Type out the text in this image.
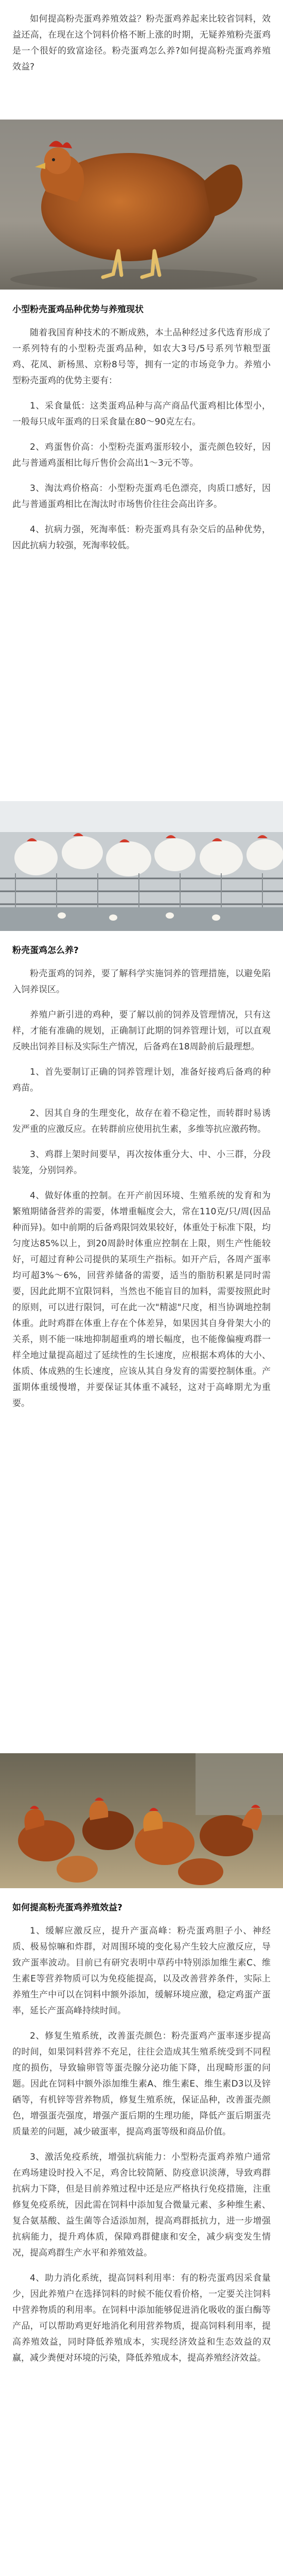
如何提高粉壳蛋鸡养殖效益？粉壳蛋鸡养起来比较省饲料，效益还高，在现在这个饲料价格不断上涨的时期，无疑养殖粉壳蛋鸡是一个很好的致富途径。粉壳蛋鸡怎么养?如何提高粉壳蛋鸡养殖效益?

小型粉壳蛋鸡品种优势与养殖现状

随着我国育种技术的不断成熟，本土品种经过多代选育形成了一系列特有的小型粉壳蛋鸡品种，如农大3号/5号系列节粮型蛋鸡、花凤、新杨黑、京粉8号等，拥有一定的市场竞争力。养殖小型粉壳蛋鸡的优势主要有：

1、采食量低：这类蛋鸡品种与高产商品代蛋鸡相比体型小，一般每只成年蛋鸡的日采食量在80～90克左右。

2、鸡蛋售价高：小型粉壳蛋鸡蛋形较小，蛋壳颜色较好，因此与普通鸡蛋相比每斤售价会高出1～3元不等。

3、淘汰鸡价格高：小型粉壳蛋鸡毛色漂亮，肉质口感好，因此与普通蛋鸡相比在淘汰时市场售价往往会高出许多。

4、抗病力强，死淘率低：粉壳蛋鸡具有杂交后的品种优势，因此抗病力较强，死淘率较低。

粉壳蛋鸡怎么养?

粉壳蛋鸡的饲养，要了解科学实施饲养的管理措施，以避免陷入饲养误区。

养殖户新引进的鸡种，要了解以前的饲养及管理情况，只有这样，才能有准确的规划，正确制订此期的饲养管理计划，可以直观反映出饲养目标及实际生产情况，后备鸡在18周龄前后最理想。

1、首先要制订正确的饲养管理计划，准备好接鸡后备鸡的种鸡苗。

2、因其自身的生理变化，故存在着不稳定性，而转群时易诱发严重的应激反应。在转群前应使用抗生素，多维等抗应激药物。

3、鸡群上架时间要早，再次按体重分大、中、小三群，分段装笼，分别饲养。

4、做好体重的控制。在开产前因环境、生殖系统的发育和为繁殖期储备营养的需要，体增重幅度会大，常在110克/只/周(因品种而异)。如中前期的后备鸡限饲效果较好，体重处于标准下限，均匀度达85%以上，到20周龄时体重应控制在上限，则生产性能较好，可超过育种公司提供的某项生产指标。如开产后，各周产蛋率均可超3%～6%，回营养储备的需要，适当的脂肪积累是同时需要，因此此期不宜限饲料，当然也不能盲目的加料，需要按照此时的原则，可以进行限饲，可在此一次"精滤"尺度，相当协调地控制体重。此时鸡群在体重上存在个体差异，如果因其自身骨架大小的关系，则不能一味地抑制超重鸡的增长幅度，也不能像偏瘦鸡群一样全地过量提高超过了延续性的生长速度，应根据本鸡体的大小、体质、体成熟的生长速度，应该从其自身发育的需要控制体重。产蛋期体重缓慢增，并要保证其体重不减轻，这对于高峰期尤为重要。

如何提高粉壳蛋鸡养殖效益?

1、缓解应激反应，提升产蛋高峰：粉壳蛋鸡胆子小、神经质、极易惊嘛和炸群，对周围环境的变化易产生较大应激反应，导致产蛋率波动。目前已有研究表明中草药中特别添加维生素C、维生素E等营养物质可以为免疫能提高，以及改善营养条件，实际上养殖生产中可以在饲料中额外添加，缓解环境应激，稳定鸡蛋产蛋率，延长产蛋高峰持续时间。

2、修复生殖系统，改善蛋壳颜色：粉壳蛋鸡产蛋率逐步提高的时间，如果饲料营养不充足，往往会造成其生殖系统受到不同程度的损伤，导致输卵管等蛋壳腺分泌功能下降，出现畸形蛋的问题。因此在饲料中额外添加维生素A、维生素E、维生素D3以及锌硒等，有机锌等营养物质，修复生殖系统，保证品种，改善蛋壳颜色，增强蛋壳强度，增强产蛋后期的生理功能，降低产蛋后期蛋壳质量差的问题，减少破蛋率，提高鸡蛋等级和商品价值。

3、激活免疫系统，增强抗病能力：小型粉壳蛋鸡养殖户通常在鸡场建设时投入不足，鸡舍比较简陋、防疫意识淡薄，导致鸡群抗病力下降，但是目前养殖过程中还是应严格执行免疫措施，注重修复免疫系统，因此需在饲料中添加复合微量元素、多种维生素、复合氨基酸、益生菌等合适添加剂，提高鸡群抵抗力，进一步增强抗病能力，提升鸡体质，保障鸡群健康和安全，减少病变发生情况，提高鸡群生产水平和养殖效益。

4、助力消化系统，提高饲料利用率：有的粉壳蛋鸡因采食量少，因此养殖户在选择饲料的时候不能仅看价格，一定要关注饲料中营养物质的利用率。在饲料中添加能够促进消化吸收的蛋白酶等产品，可以帮助鸡更好地消化利用营养物质，提高饲料利用率，提高养殖效益，同时降低养殖成本，实现经济效益和生态效益的双赢，减少粪便对环境的污染，降低养殖成本，提高养殖经济效益。
